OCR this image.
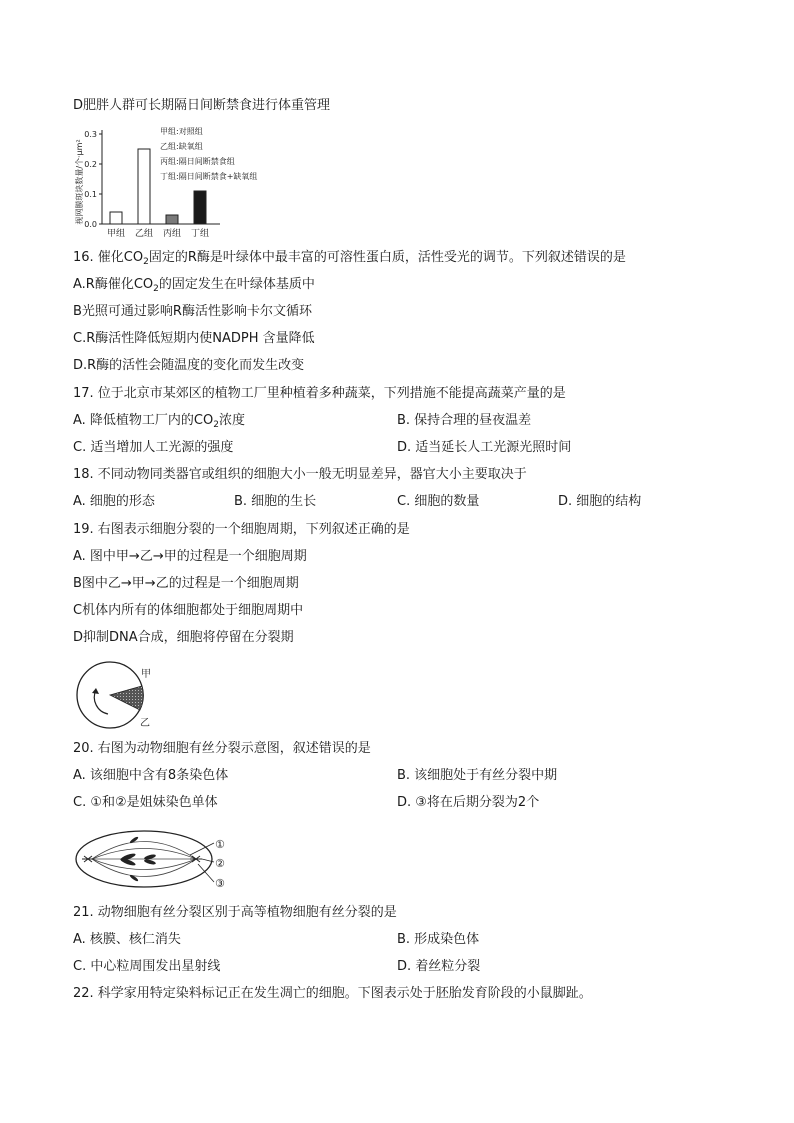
D肥胖人群可长期隔日间断禁食进行体重管理
视网膜斑块数量/个·μm² 0.0
0.1
0.2
0.3
甲组 乙组 丙组 丁组
甲组:对照组
乙组:缺氧组
丙组:隔日间断禁食组
丁组:隔日间断禁食+缺氧组
16. 催化$CO_2$固定的R酶是叶绿体中最丰富的可溶性蛋白质，活性受光的调节。下列叙述错误的是
A.R酶催化$CO_2$的固定发生在叶绿体基质中
B光照可通过影响R酶活性影响卡尔文循环
C.R酶活性降低短期内使NADPH 含量降低
D.R酶的活性会随温度的变化而发生改变
17. 位于北京市某郊区的植物工厂里种植着多种蔬菜，下列措施不能提高蔬菜产量的是
A. 降低植物工厂内的$CO_2$浓度	B. 保持合理的昼夜温差
C. 适当增加人工光源的强度	D. 适当延长人工光源光照时间
18. 不同动物同类器官或组织的细胞大小一般无明显差异，器官大小主要取决于
A. 细胞的形态	B. 细胞的生长	C. 细胞的数量	D. 细胞的结构
19. 右图表示细胞分裂的一个细胞周期，下列叙述正确的是
A. 图中甲→乙→甲的过程是一个细胞周期
B图中乙→甲→乙的过程是一个细胞周期
C机体内所有的体细胞都处于细胞周期中
D抑制DNA合成，细胞将停留在分裂期
甲
乙
20. 右图为动物细胞有丝分裂示意图，叙述错误的是
A. 该细胞中含有8条染色体	B. 该细胞处于有丝分裂中期
C. ①和②是姐妹染色单体	D. ③将在后期分裂为2个
①
②
③
21. 动物细胞有丝分裂区别于高等植物细胞有丝分裂的是
A. 核膜、核仁消失	B. 形成染色体
C. 中心粒周围发出星射线	D. 着丝粒分裂
22. 科学家用特定染料标记正在发生凋亡的细胞。下图表示处于胚胎发育阶段的小鼠脚趾。
